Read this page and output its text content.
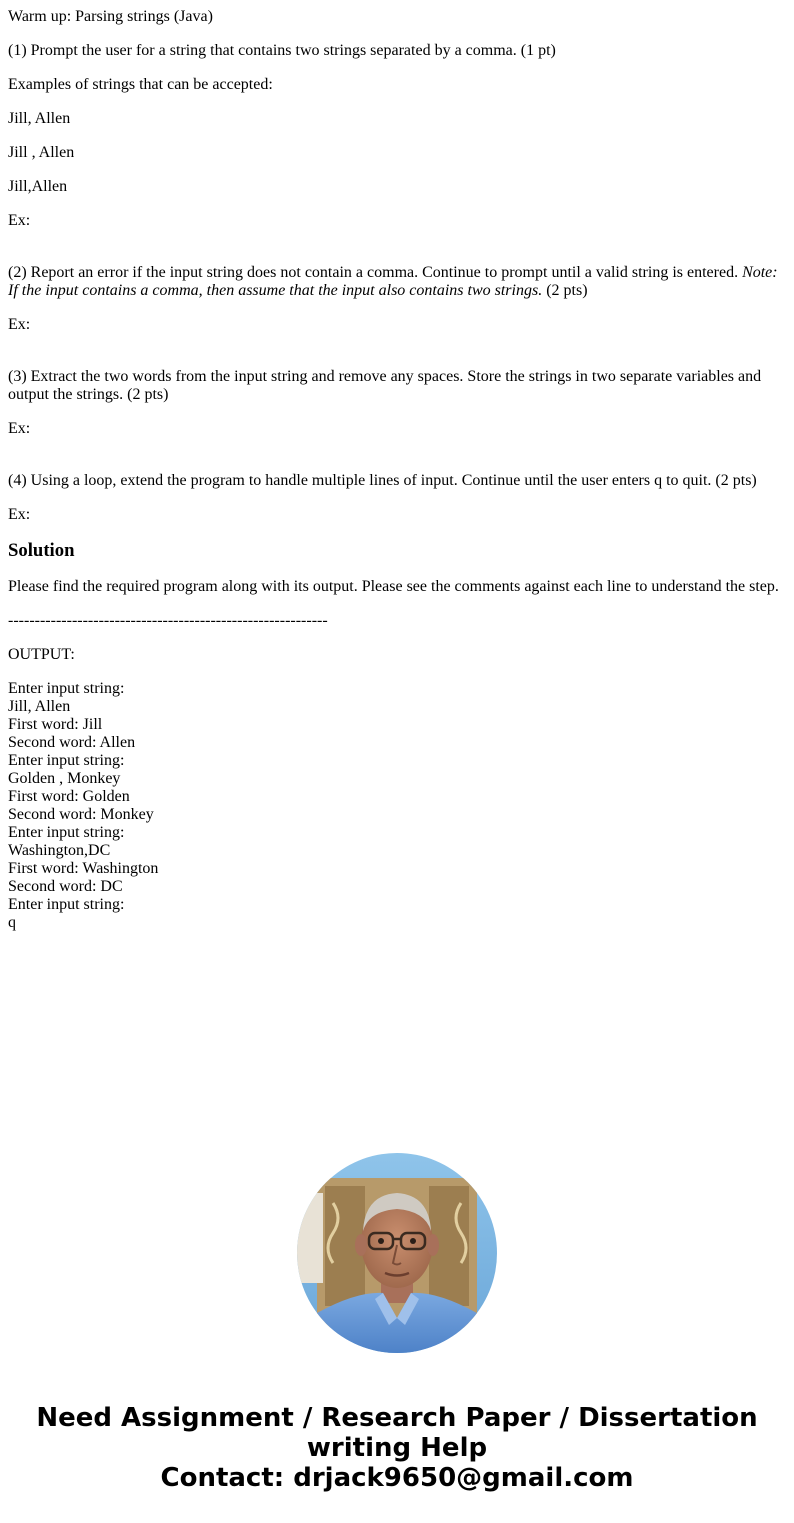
Warm up: Parsing strings (Java)

(1) Prompt the user for a string that contains two strings separated by a comma. (1 pt)

Examples of strings that can be accepted:

Jill, Allen

Jill , Allen

Jill,Allen

Ex:

(2) Report an error if the input string does not contain a comma. Continue to prompt until a valid string is entered. Note: If the input contains a comma, then assume that the input also contains two strings. (2 pts)

Ex:

(3) Extract the two words from the input string and remove any spaces. Store the strings in two separate variables and output the strings. (2 pts)

Ex:

(4) Using a loop, extend the program to handle multiple lines of input. Continue until the user enters q to quit. (2 pts)

Ex:

Solution

Please find the required program along with its output. Please see the comments against each line to understand the step.

------------------------------------------------------------

OUTPUT:

Enter input string:
Jill, Allen
First word: Jill
Second word: Allen
Enter input string:
Golden , Monkey
First word: Golden
Second word: Monkey
Enter input string:
Washington,DC
First word: Washington
Second word: DC
Enter input string:
q
Need Assignment / Research Paper / Dissertation
writing Help
Contact: drjack9650@gmail.com
